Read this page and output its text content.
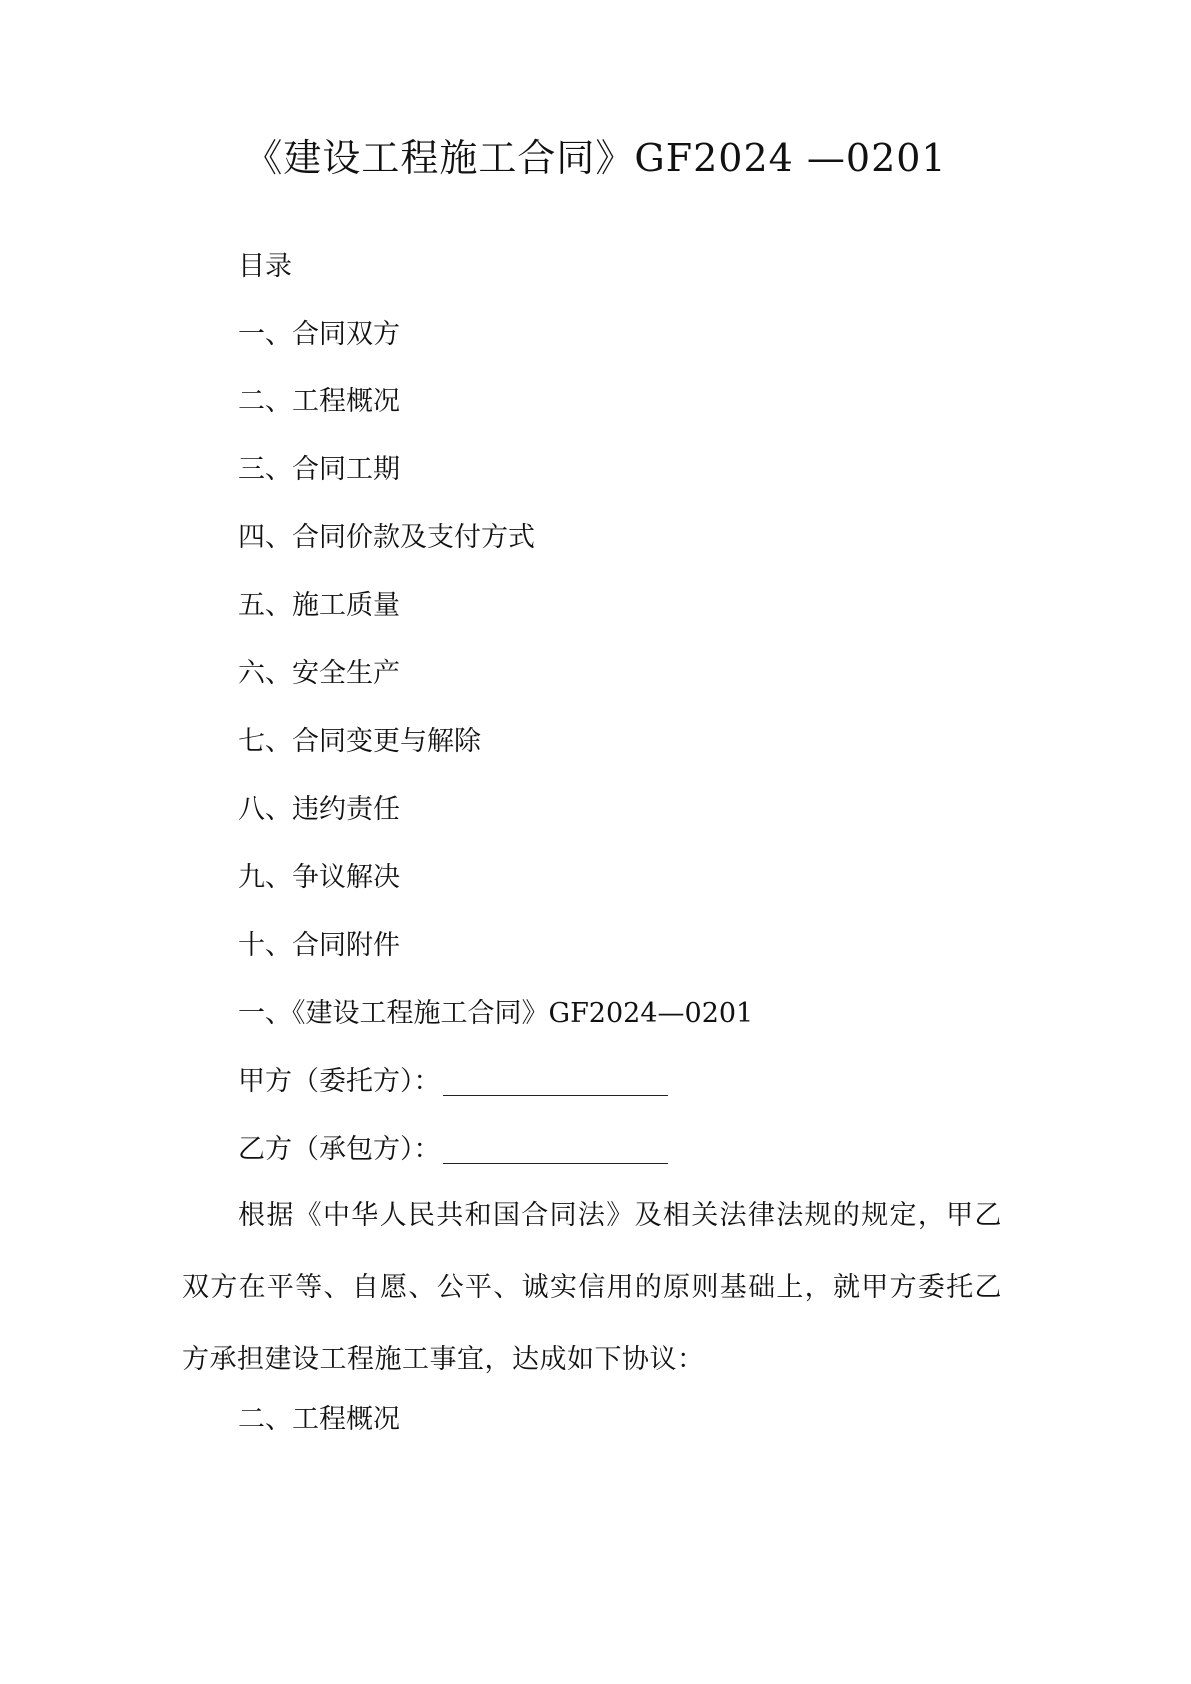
《建设工程施工合同》GF2024 —0201
目录
一、合同双方
二、工程概况
三、合同工期
四、合同价款及支付方式
五、施工质量
六、安全生产
七、合同变更与解除
八、违约责任
九、争议解决
十、合同附件
一、《建设工程施工合同》GF2024—0201
甲方（委托方）：
乙方（承包方）：
根据《中华人民共和国合同法》及相关法律法规的规定，甲乙双方在平等、自愿、公平、诚实信用的原则基础上，就甲方委托乙方承担建设工程施工事宜，达成如下协议：
二、工程概况
